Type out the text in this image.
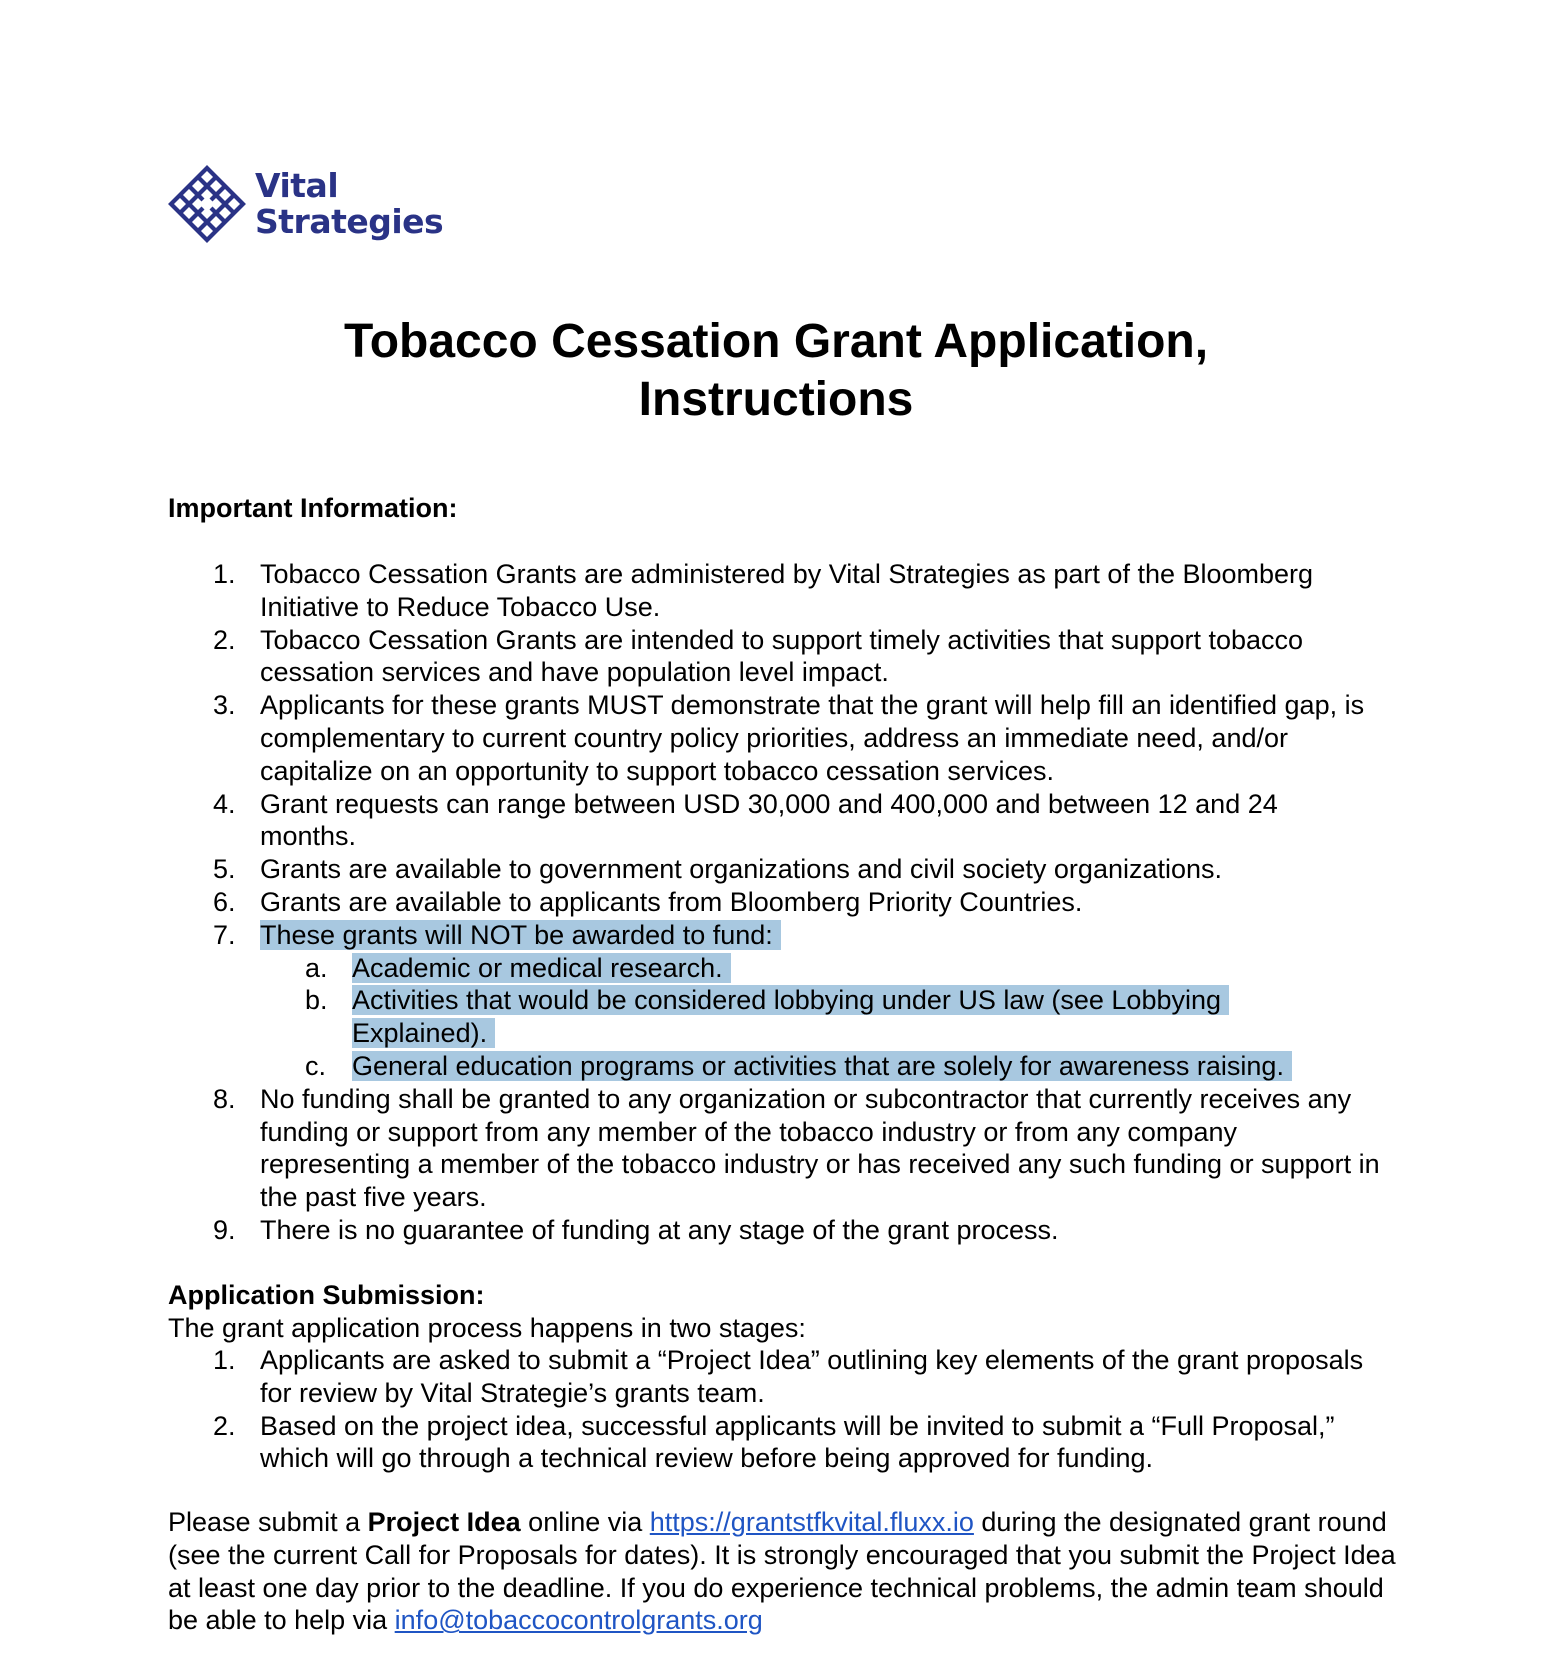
Vital
Strategies
Tobacco Cessation Grant Application,
Instructions
Important Information:
1. Tobacco Cessation Grants are administered by Vital Strategies as part of the Bloomberg Initiative to Reduce Tobacco Use.
2. Tobacco Cessation Grants are intended to support timely activities that support tobacco cessation services and have population level impact.
3. Applicants for these grants MUST demonstrate that the grant will help fill an identified gap, is complementary to current country policy priorities, address an immediate need, and/or capitalize on an opportunity to support tobacco cessation services.
4. Grant requests can range between USD 30,000 and 400,000 and between 12 and 24 months.
5. Grants are available to government organizations and civil society organizations.
6. Grants are available to applicants from Bloomberg Priority Countries.
7. These grants will NOT be awarded to fund:
a. Academic or medical research.
b. Activities that would be considered lobbying under US law (see Lobbying Explained).
c. General education programs or activities that are solely for awareness raising.
8. No funding shall be granted to any organization or subcontractor that currently receives any funding or support from any member of the tobacco industry or from any company representing a member of the tobacco industry or has received any such funding or support in the past five years.
9. There is no guarantee of funding at any stage of the grant process.
Application Submission:
The grant application process happens in two stages:
1. Applicants are asked to submit a “Project Idea” outlining key elements of the grant proposals for review by Vital Strategie’s grants team.
2. Based on the project idea, successful applicants will be invited to submit a “Full Proposal,” which will go through a technical review before being approved for funding.
Please submit a Project Idea online via https://grantstfkvital.fluxx.io during the designated grant round (see the current Call for Proposals for dates). It is strongly encouraged that you submit the Project Idea at least one day prior to the deadline. If you do experience technical problems, the admin team should be able to help via info@tobaccocontrolgrants.org
